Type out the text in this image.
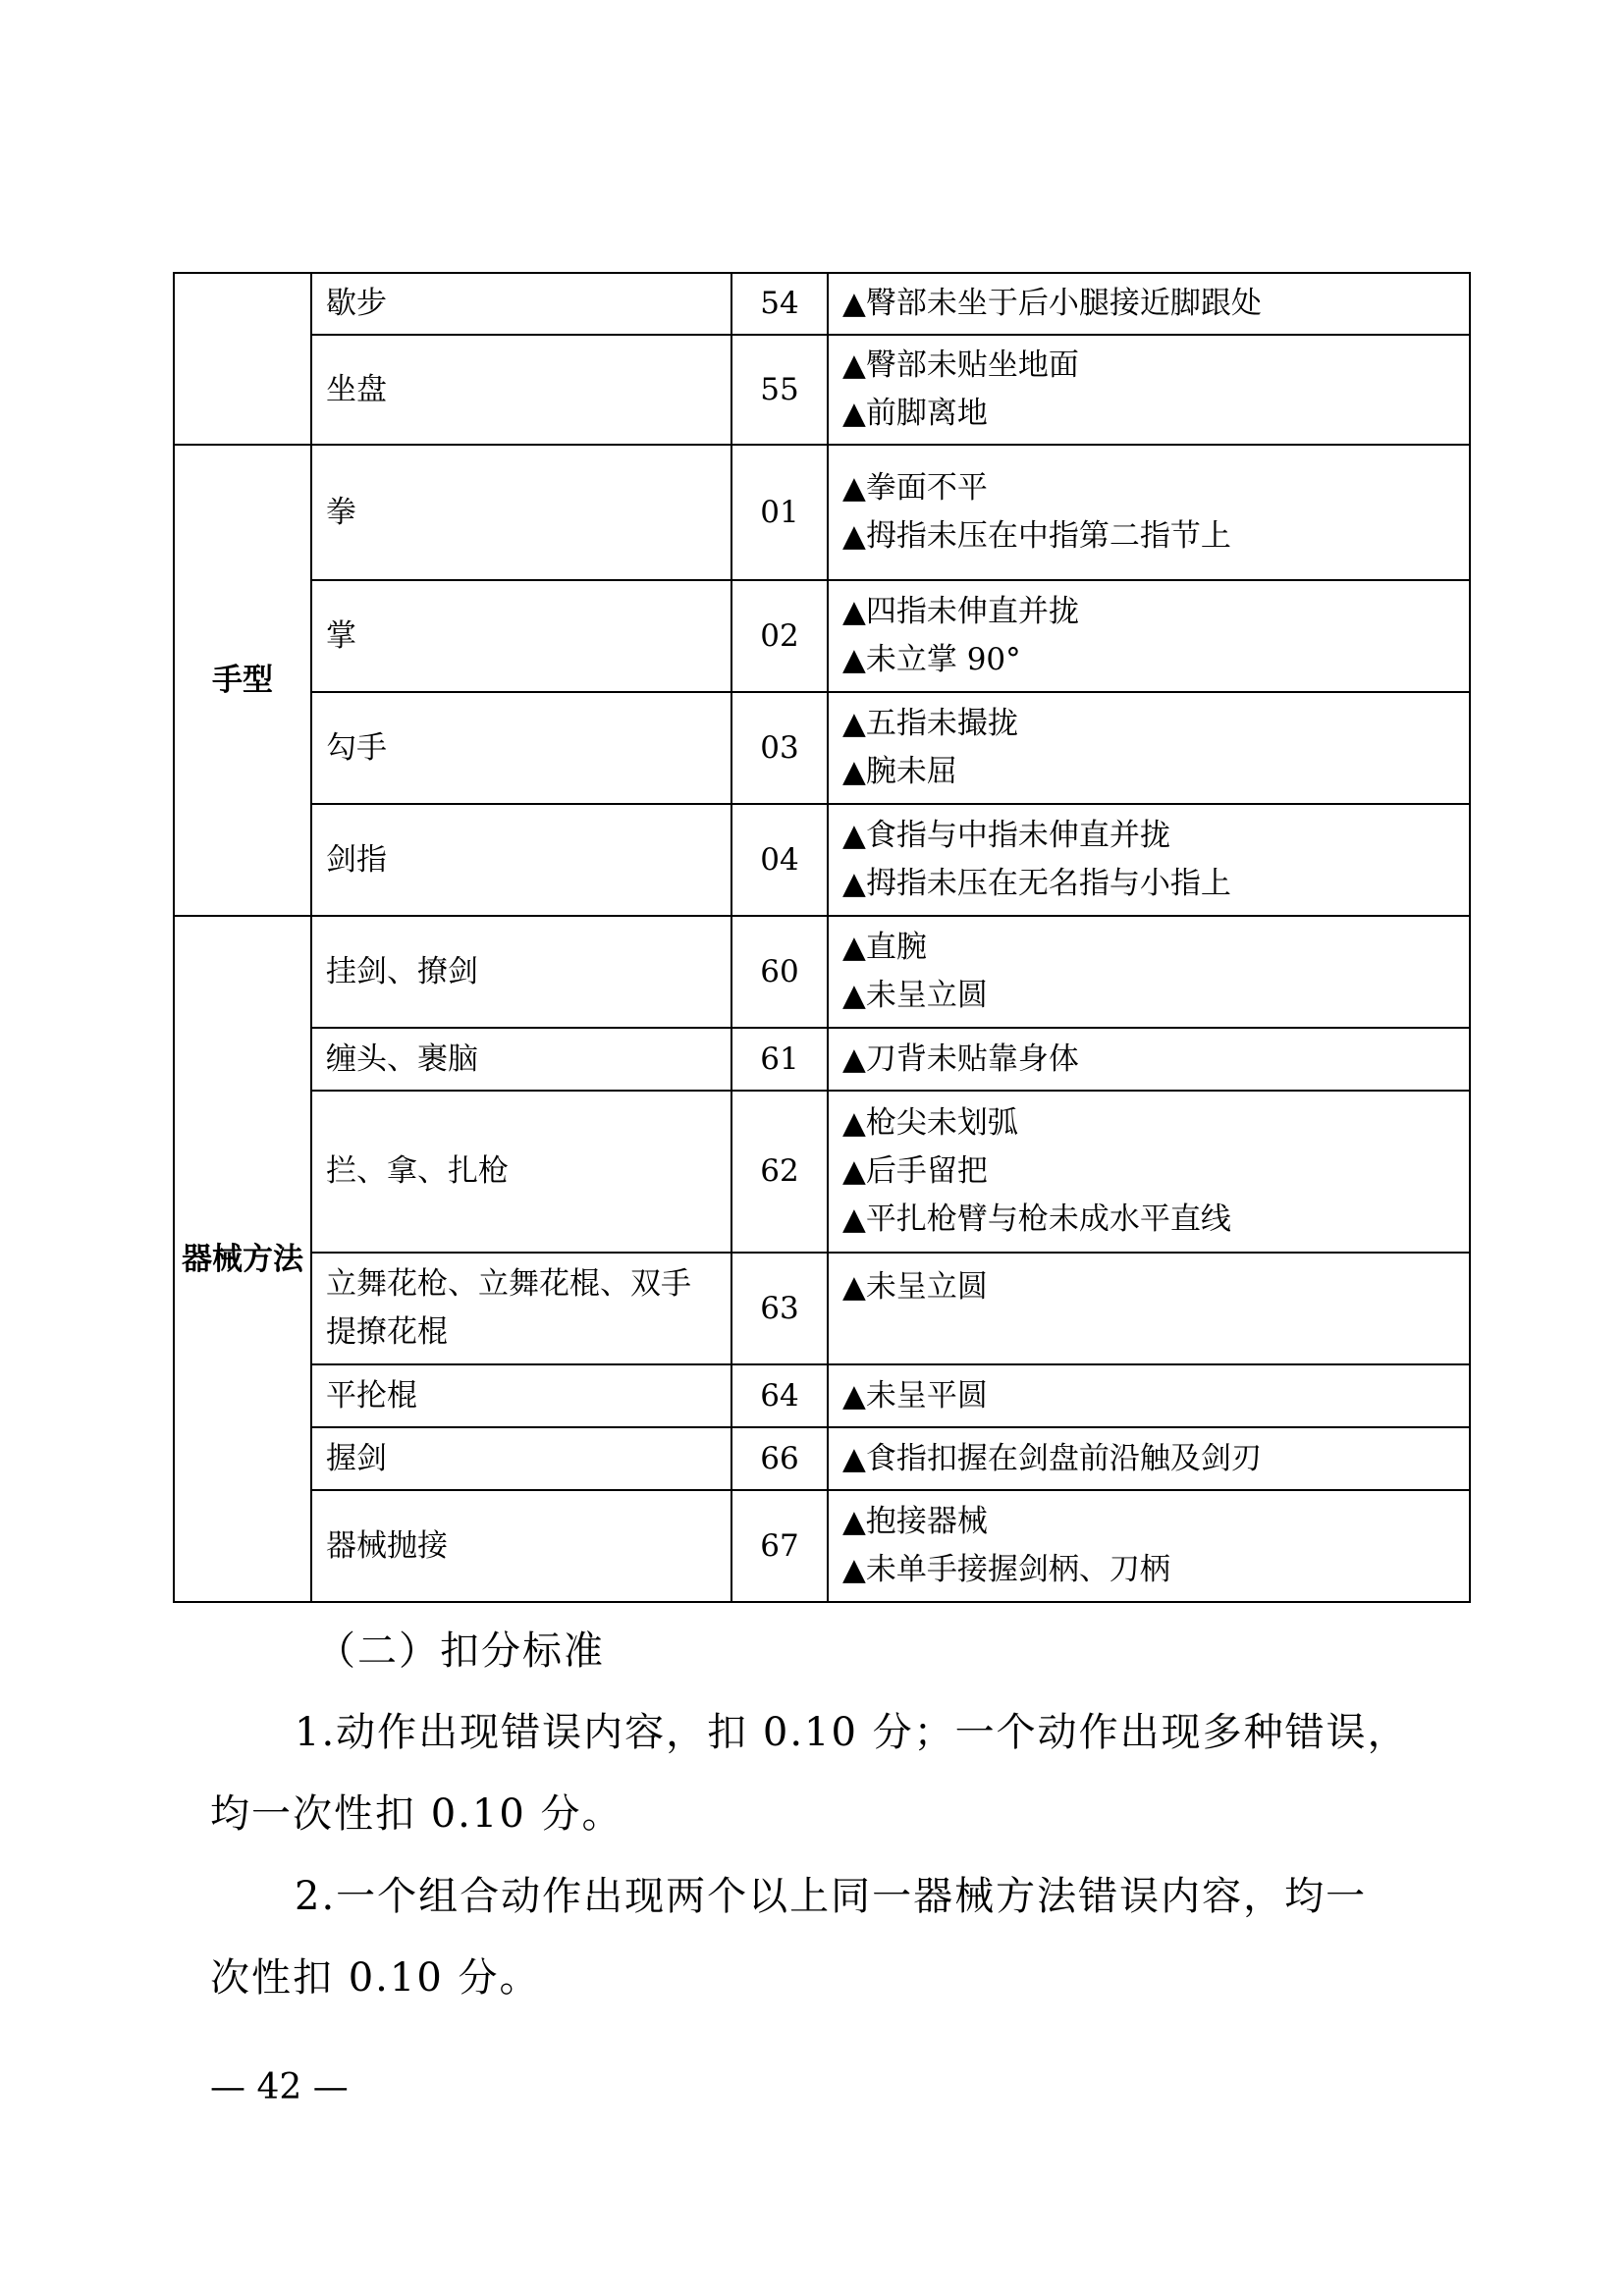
	歇步	54	▲臀部未坐于后小腿接近脚跟处

	坐盘	55	▲臀部未贴坐地面
▲前脚离地

手型	拳	01	▲拳面不平
▲拇指未压在中指第二指节上

	掌	02	▲四指未伸直并拢
▲未立掌 90°

	勾手	03	▲五指未撮拢
▲腕未屈

	剑指	04	▲食指与中指未伸直并拢
▲拇指未压在无名指与小指上

器械方法	挂剑、撩剑	60	▲直腕
▲未呈立圆

	缠头、裹脑	61	▲刀背未贴靠身体

	拦、拿、扎枪	62	▲枪尖未划弧
▲后手留把
▲平扎枪臂与枪未成水平直线

	立舞花枪、立舞花棍、双手提撩花棍	63	▲未呈立圆

	平抡棍	64	▲未呈平圆

	握剑	66	▲食指扣握在剑盘前沿触及剑刃

	器械抛接	67	▲抱接器械
▲未单手接握剑柄、刀柄
（二）扣分标准
1.动作出现错误内容，扣 0.10 分；一个动作出现多种错误，
均一次性扣 0.10 分。
2.一个组合动作出现两个以上同一器械方法错误内容，均一
次性扣 0.10 分。
— 42 —
